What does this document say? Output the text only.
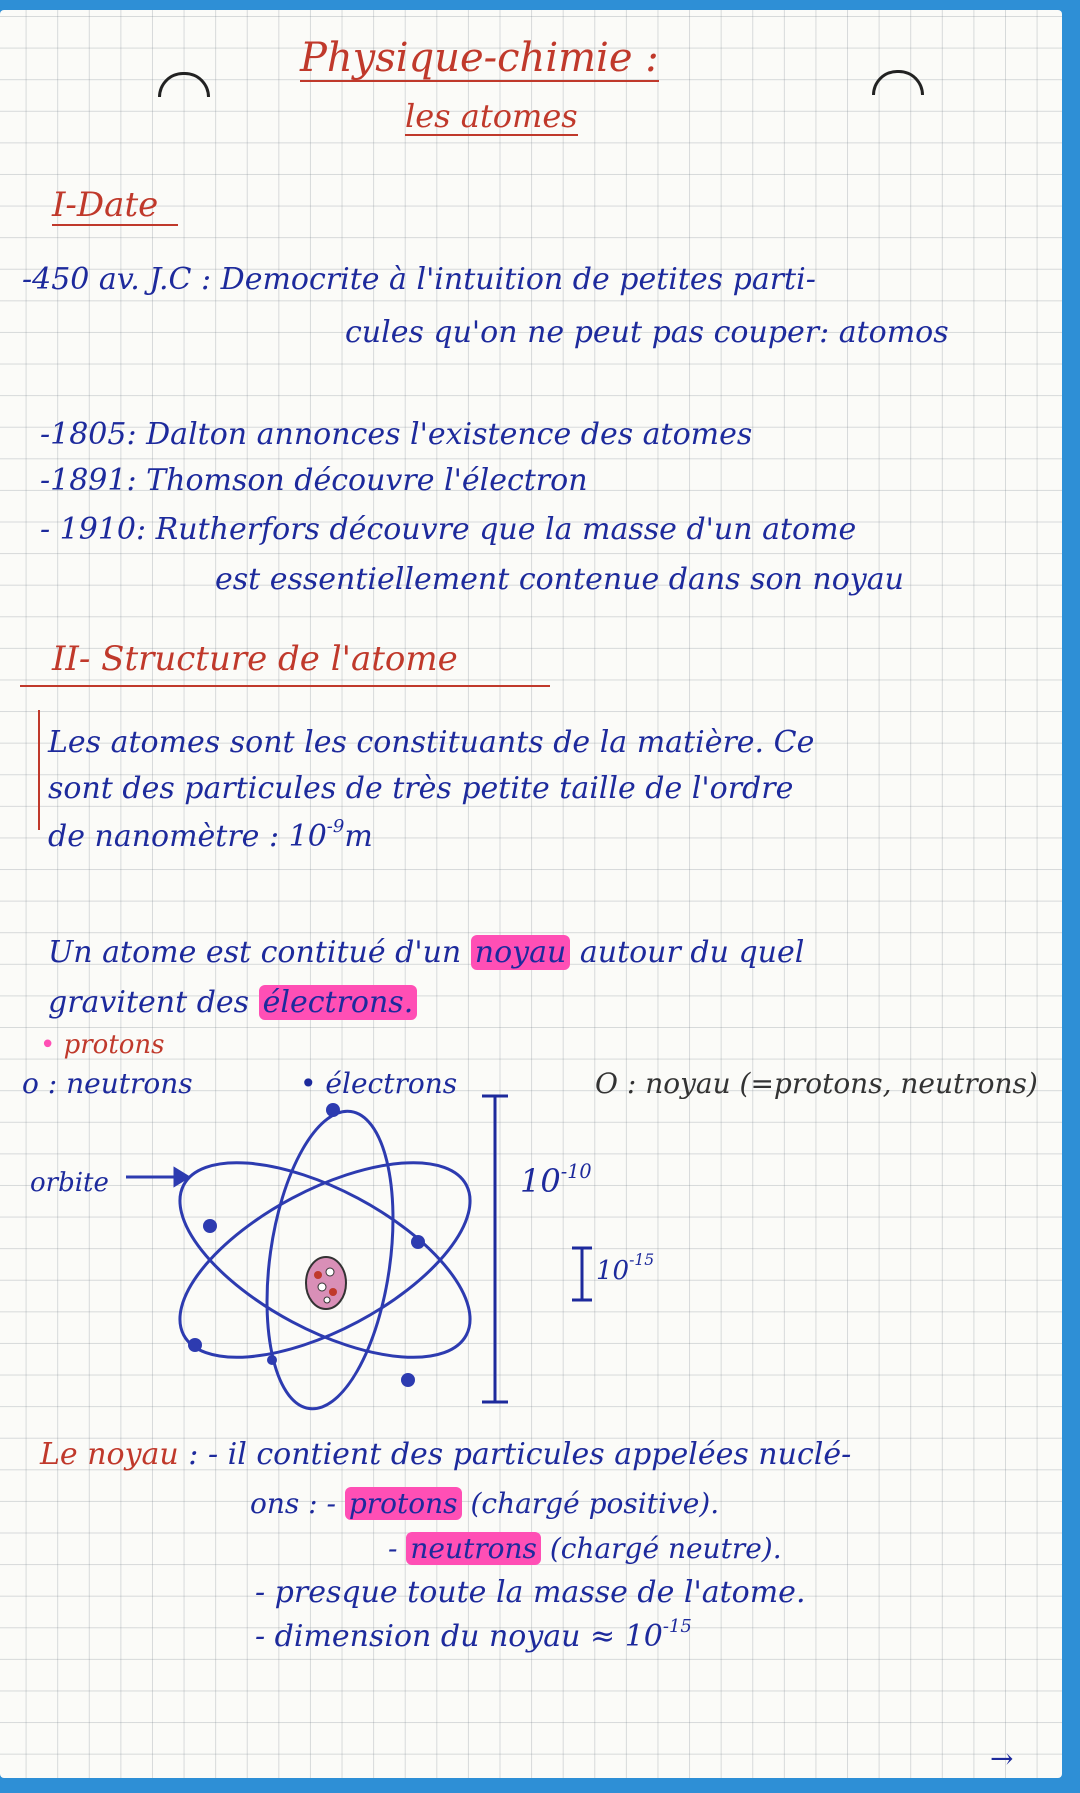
Physique-chimie :
les atomes
I-Date
-450 av. J.C : Democrite à l'intuition de petites parti-
cules qu'on ne peut pas couper: atomos
-1805: Dalton annonces l'existence des atomes
-1891: Thomson découvre l'électron
- 1910: Rutherfors découvre que la masse d'un atome
est essentiellement contenue dans son noyau
II- Structure de l'atome
Les atomes sont les constituants de la matière. Ce
sont des particules de très petite taille de l'ordre
de nanomètre : $10^{-9}m$
Un atome est contitué d'un noyau autour du quel
gravitent des électrons.
• protons
o : neutrons	• électrons	O : noyau (=protons, neutrons)
orbite	$10^{-10}$
$10^{-15}$
Le noyau : - il contient des particules appelées nuclé-
ons : - protons (chargé positive).
- neutrons (chargé neutre).
- presque toute la masse de l'atome.
- dimension du noyau ≈ $10^{-15}$
→
